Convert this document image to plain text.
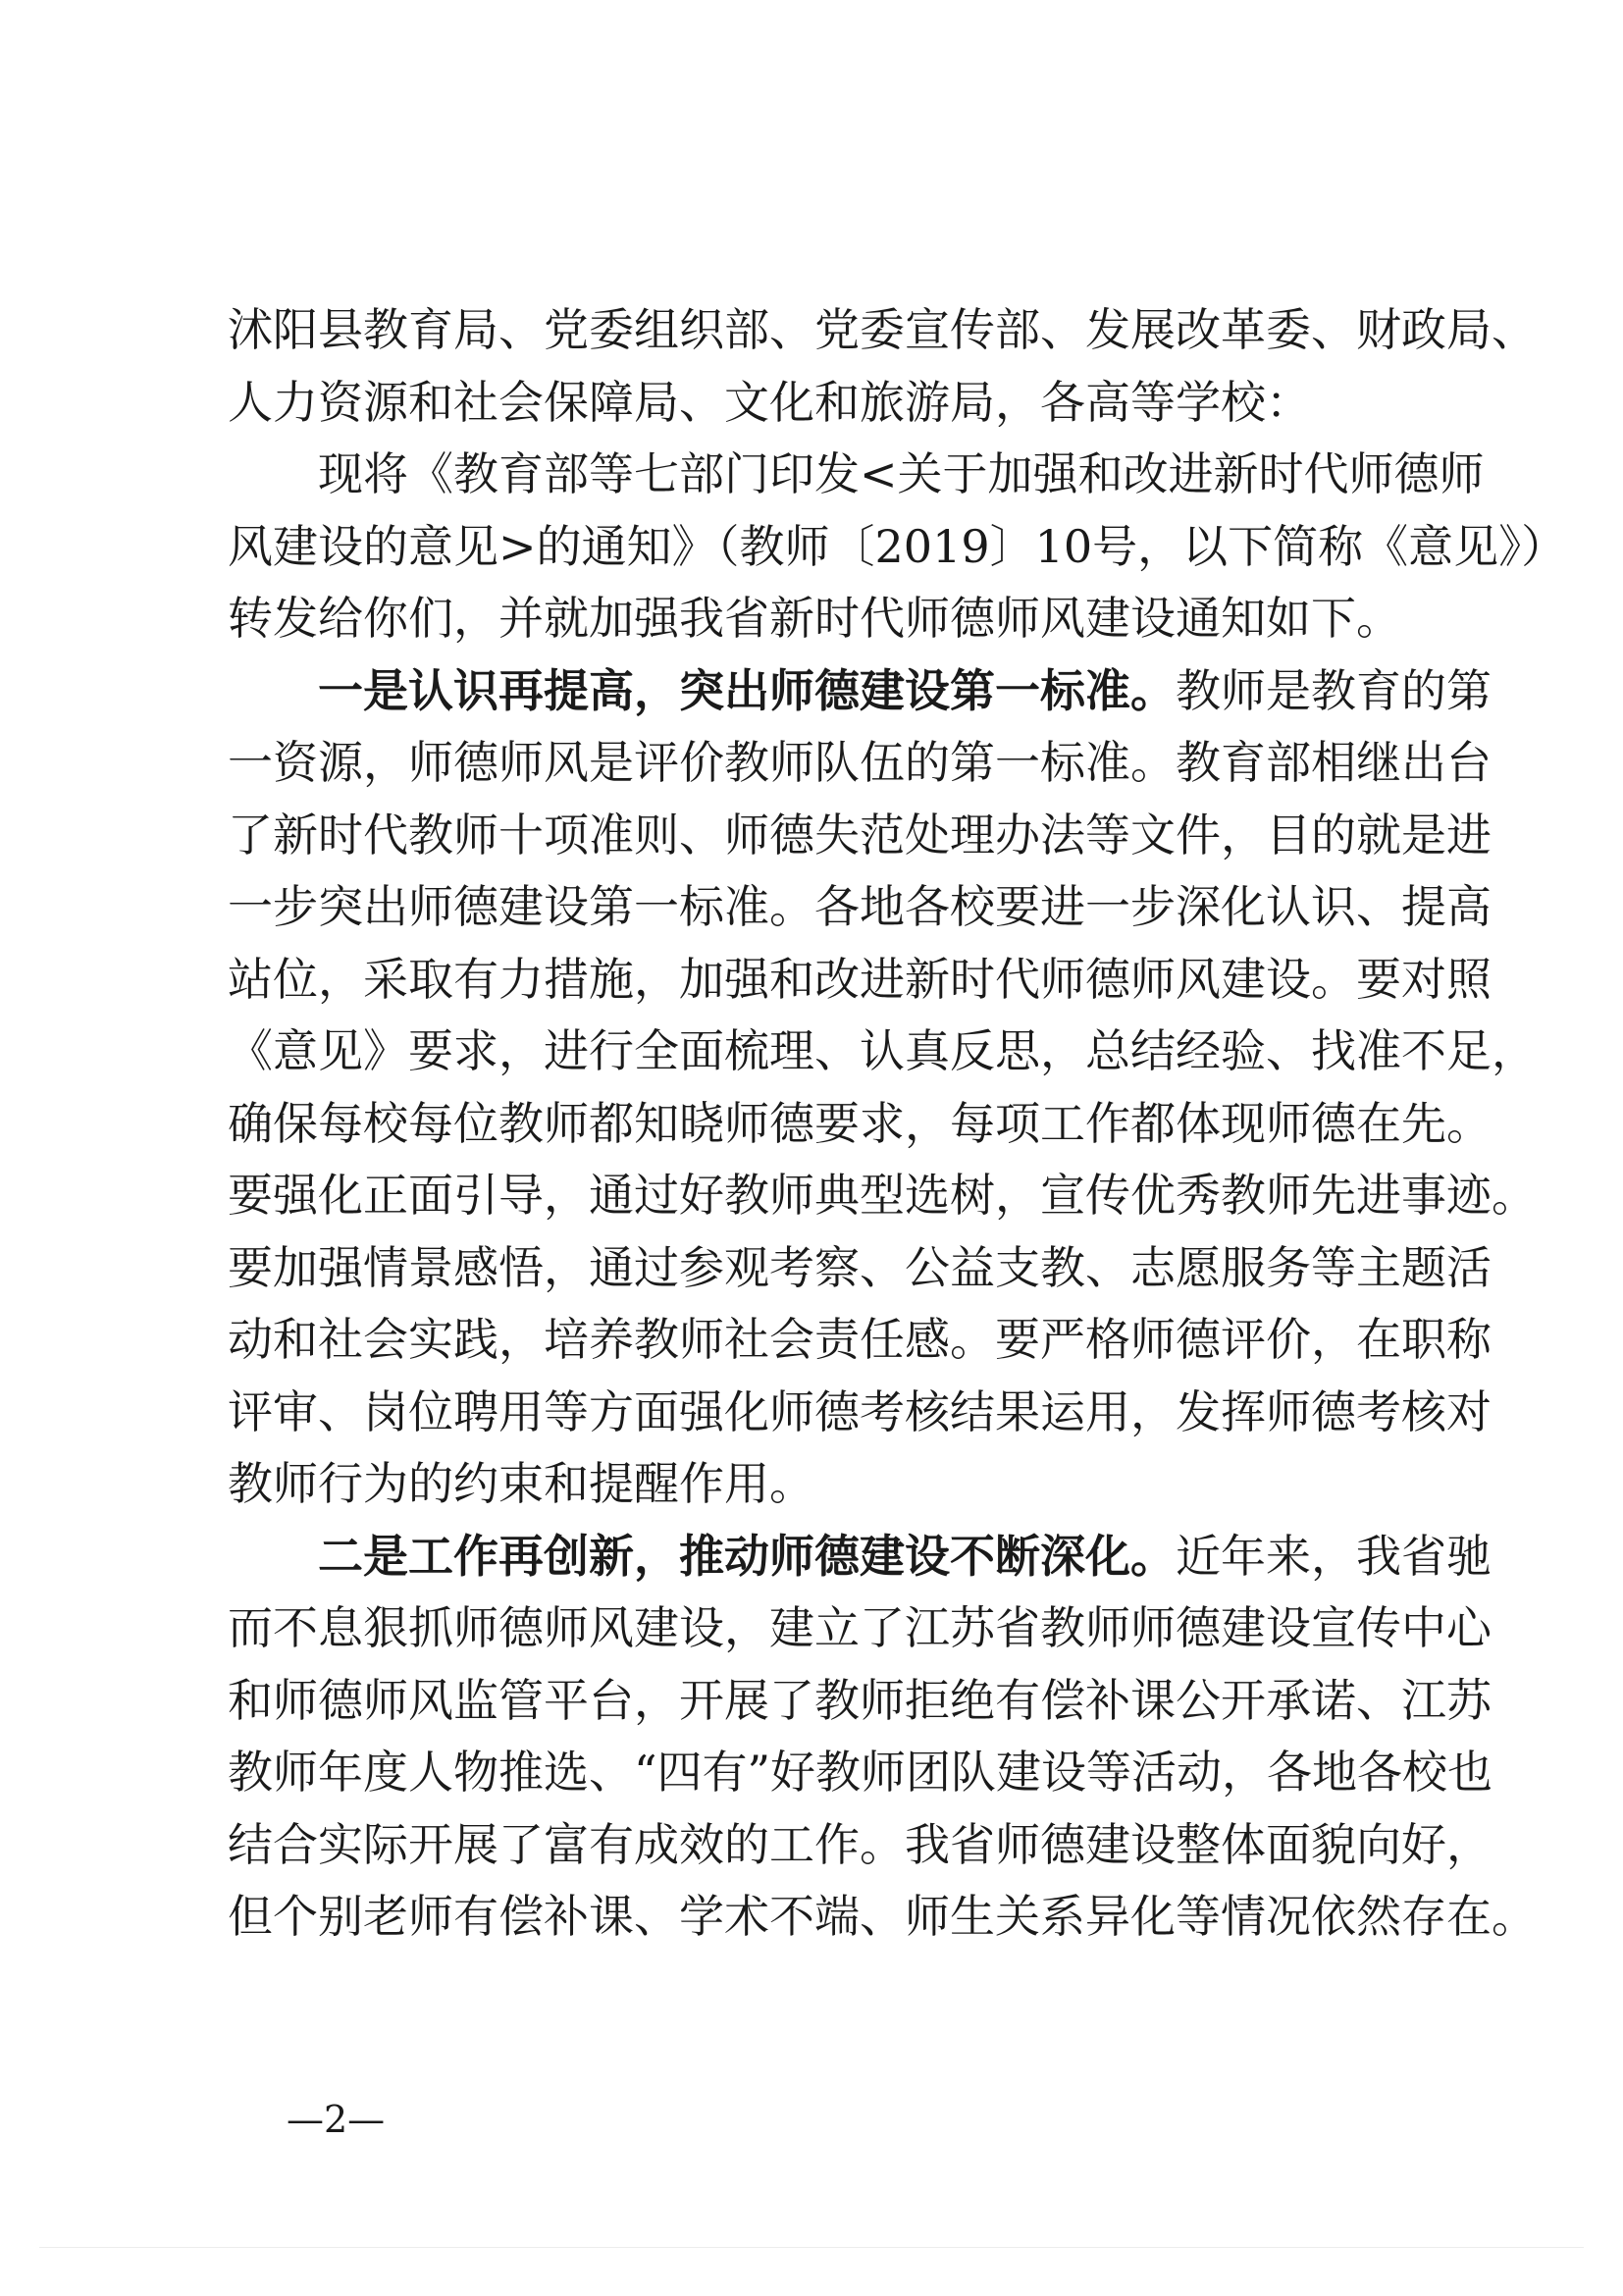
沭阳县教育局、党委组织部、党委宣传部、发展改革委、财政局、
人力资源和社会保障局、文化和旅游局，各高等学校：
现将《教育部等七部门印发<关于加强和改进新时代师德师
风建设的意见>的通知》（教师〔2019〕10号，以下简称《意见》）
转发给你们，并就加强我省新时代师德师风建设通知如下。
一是认识再提高，突出师德建设第一标准。教师是教育的第
一资源，师德师风是评价教师队伍的第一标准。教育部相继出台
了新时代教师十项准则、师德失范处理办法等文件，目的就是进
一步突出师德建设第一标准。各地各校要进一步深化认识、提高
站位，采取有力措施，加强和改进新时代师德师风建设。要对照
《意见》要求，进行全面梳理、认真反思，总结经验、找准不足，
确保每校每位教师都知晓师德要求，每项工作都体现师德在先。
要强化正面引导，通过好教师典型选树，宣传优秀教师先进事迹。
要加强情景感悟，通过参观考察、公益支教、志愿服务等主题活
动和社会实践，培养教师社会责任感。要严格师德评价，在职称
评审、岗位聘用等方面强化师德考核结果运用，发挥师德考核对
教师行为的约束和提醒作用。
二是工作再创新，推动师德建设不断深化。近年来，我省驰
而不息狠抓师德师风建设，建立了江苏省教师师德建设宣传中心
和师德师风监管平台，开展了教师拒绝有偿补课公开承诺、江苏
教师年度人物推选、“四有”好教师团队建设等活动，各地各校也
结合实际开展了富有成效的工作。我省师德建设整体面貌向好，
但个别老师有偿补课、学术不端、师生关系异化等情况依然存在。
—2—
